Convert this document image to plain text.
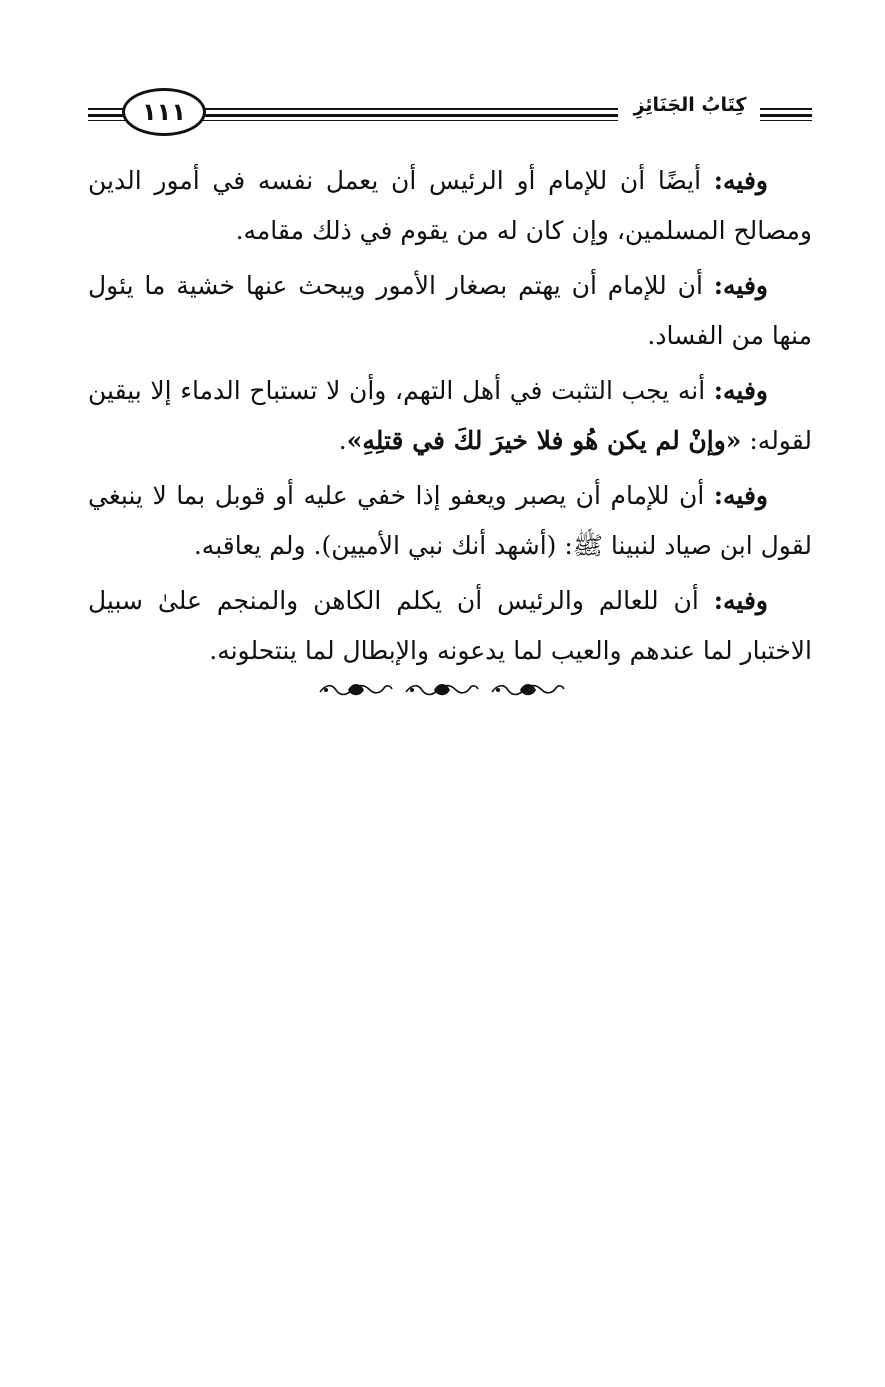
١١١	كِتَابُ الجَنَائِزِ

وفيه: أيضًا أن للإمام أو الرئيس أن يعمل نفسه في أمور الدين ومصالح المسلمين، وإن كان له من يقوم في ذلك مقامه.

وفيه: أن للإمام أن يهتم بصغار الأمور ويبحث عنها خشية ما يئول منها من الفساد.

وفيه: أنه يجب التثبت في أهل التهم، وأن لا تستباح الدماء إلا بيقين لقوله: «وإنْ لم يكن هُو فلا خيرَ لكَ في قتلِهِ».

وفيه: أن للإمام أن يصبر ويعفو إذا خفي عليه أو قوبل بما لا ينبغي لقول ابن صياد لنبينا ﷺ: (أشهد أنك نبي الأميين). ولم يعاقبه.

وفيه: أن للعالم والرئيس أن يكلم الكاهن والمنجم علىٰ سبيل الاختبار لما عندهم والعيب لما يدعونه والإبطال لما ينتحلونه.
